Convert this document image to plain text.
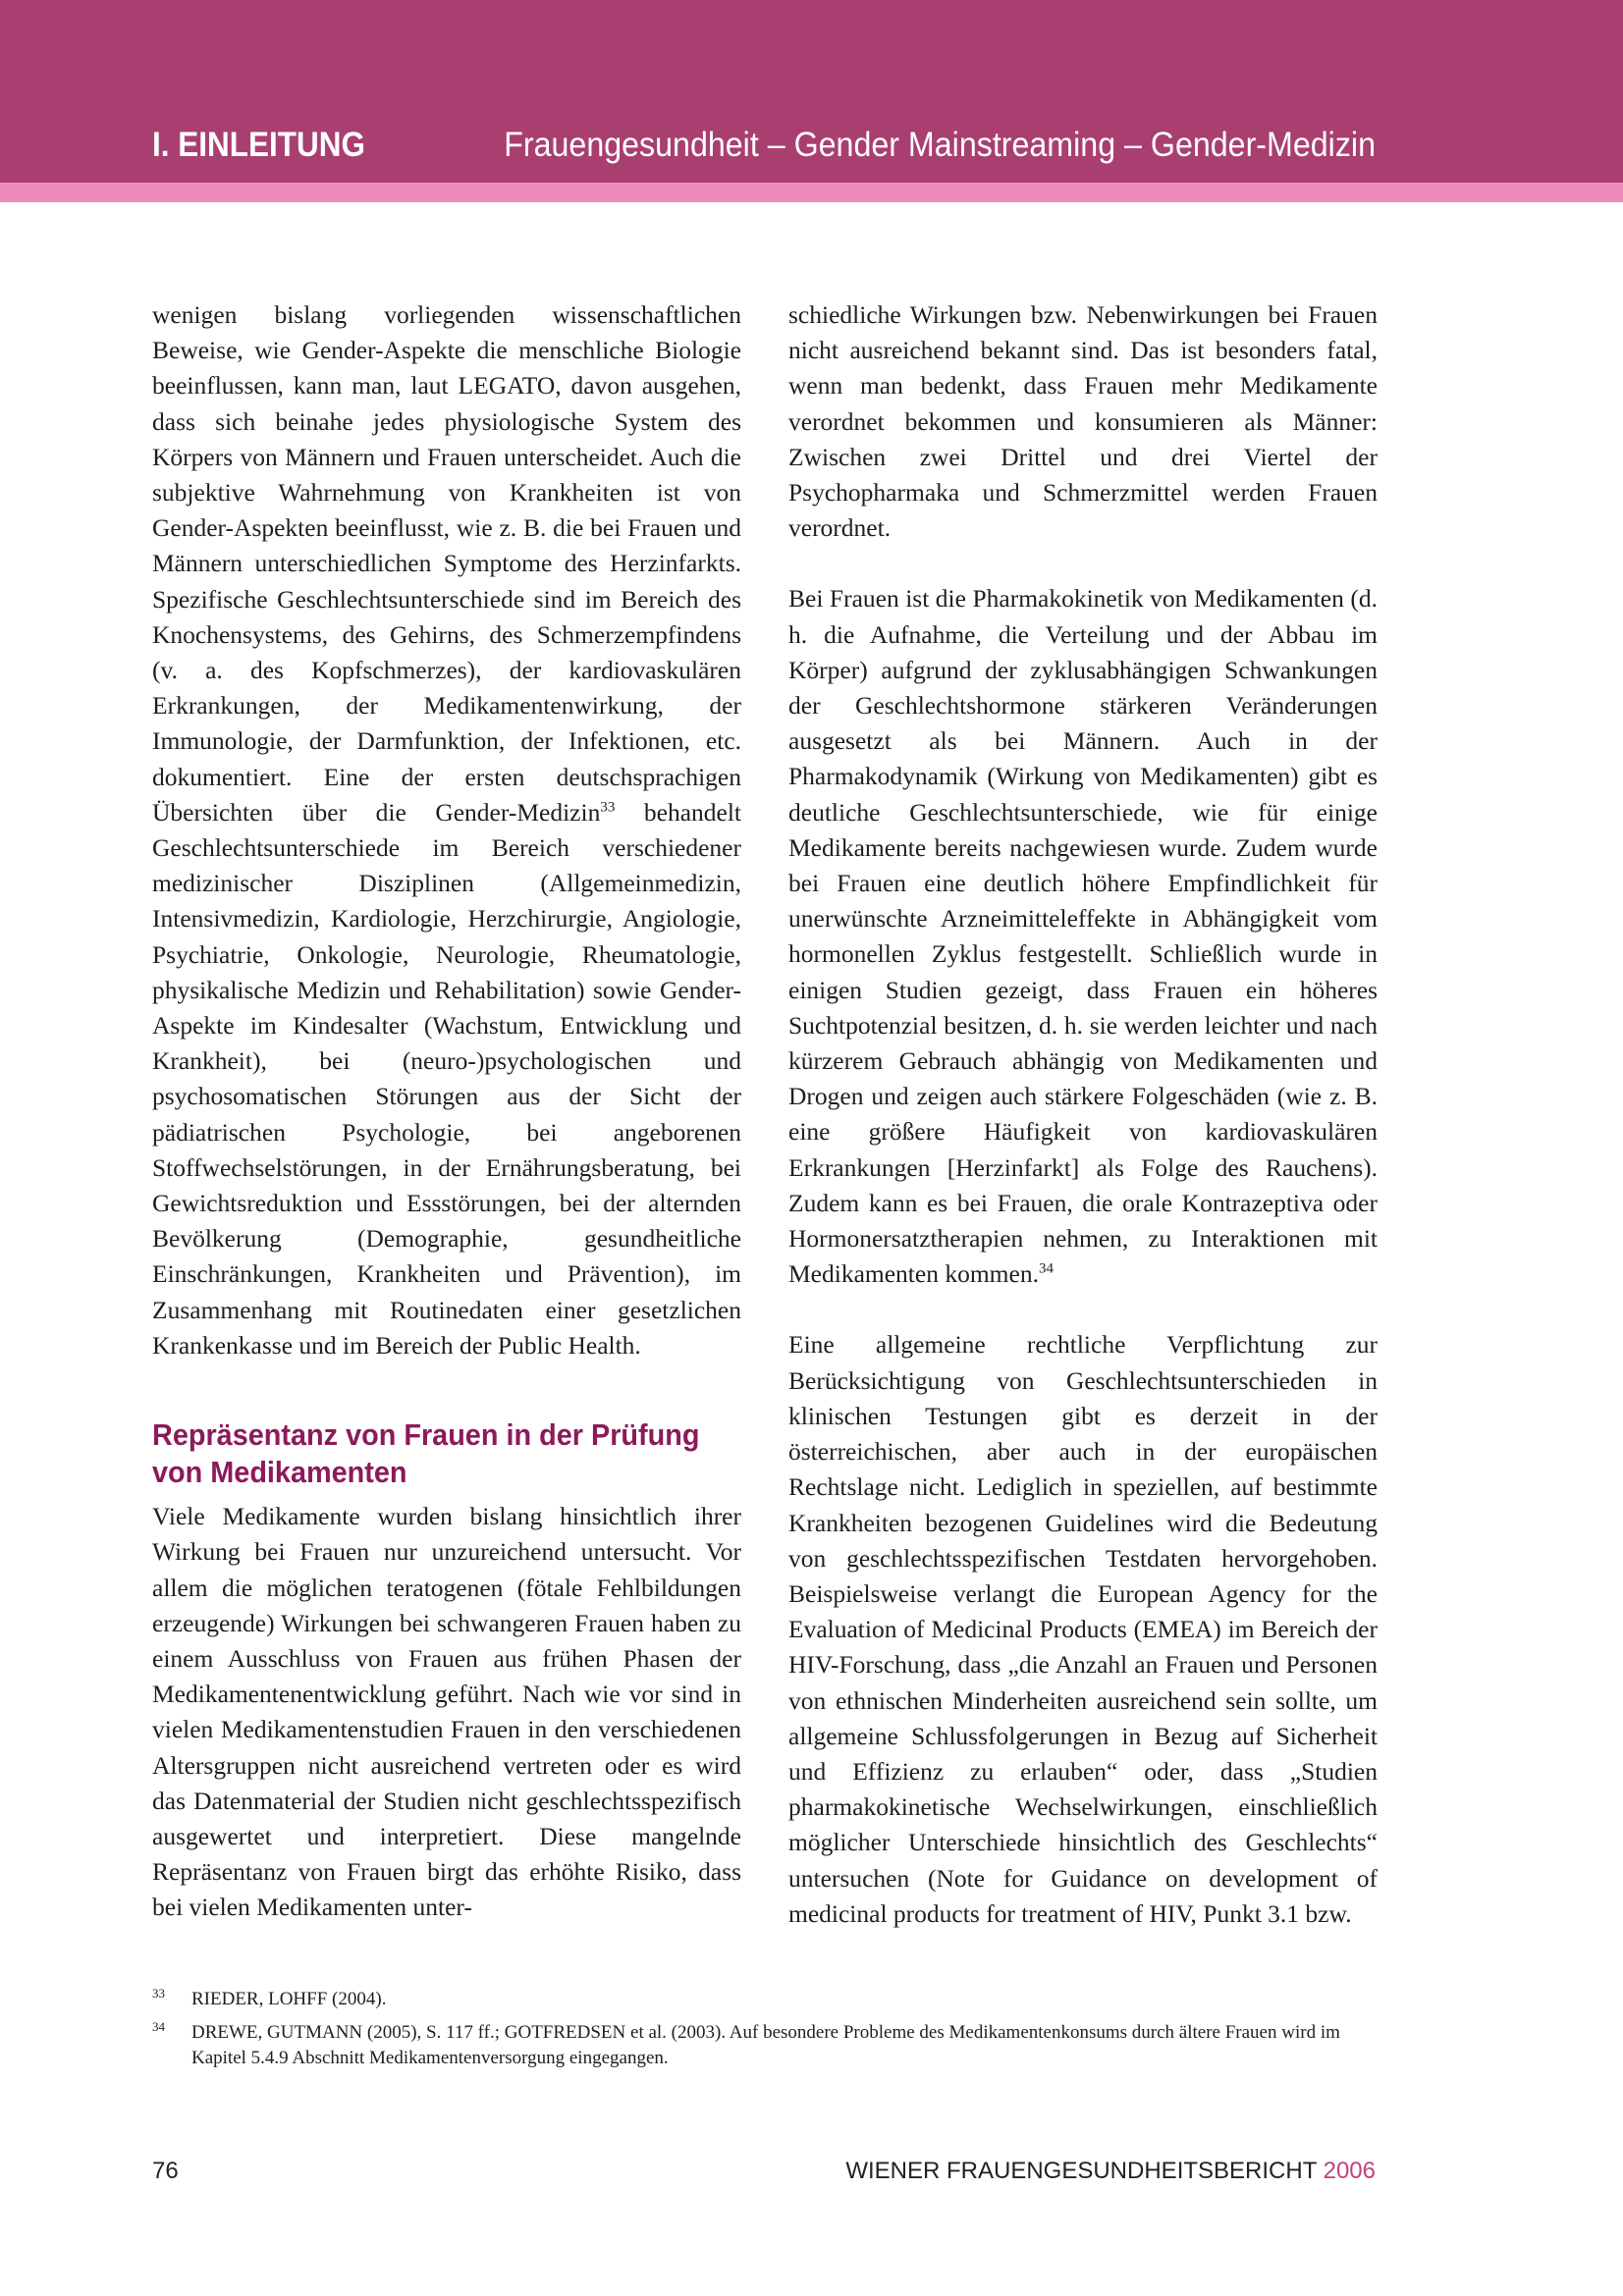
I. EINLEITUNG	Frauengesundheit – Gender Mainstreaming – Gender-Medizin

wenigen bislang vorliegenden wissenschaftlichen Beweise, wie Gender-Aspekte die menschliche Biologie beeinflussen, kann man, laut LEGATO, davon ausgehen, dass sich beinahe jedes physiologische System des Körpers von Männern und Frauen unterscheidet. Auch die subjektive Wahrnehmung von Krankheiten ist von Gender-Aspekten beeinflusst, wie z. B. die bei Frauen und Männern unterschiedlichen Symptome des Herzinfarkts. Spezifische Geschlechtsunterschiede sind im Bereich des Knochensystems, des Gehirns, des Schmerzempfindens (v. a. des Kopfschmerzes), der kardiovaskulären Erkrankungen, der Medikamentenwirkung, der Immunologie, der Darmfunktion, der Infektionen, etc. dokumentiert. Eine der ersten deutschsprachigen Übersichten über die Gender-Medizin$^{33}$ behandelt Geschlechtsunterschiede im Bereich verschiedener medizinischer Disziplinen (Allgemeinmedizin, Intensivmedizin, Kardiologie, Herzchirurgie, Angiologie, Psychiatrie, Onkologie, Neurologie, Rheumatologie, physikalische Medizin und Rehabilitation) sowie Gender-Aspekte im Kindesalter (Wachstum, Entwicklung und Krankheit), bei (neuro-)psychologischen und psychosomatischen Störungen aus der Sicht der pädiatrischen Psychologie, bei angeborenen Stoffwechselstörungen, in der Ernährungsberatung, bei Gewichtsreduktion und Essstörungen, bei der alternden Bevölkerung (Demographie, gesundheitliche Einschränkungen, Krankheiten und Prävention), im Zusammenhang mit Routinedaten einer gesetzlichen Krankenkasse und im Bereich der Public Health.

Repräsentanz von Frauen in der Prüfung von Medikamenten

Viele Medikamente wurden bislang hinsichtlich ihrer Wirkung bei Frauen nur unzureichend untersucht. Vor allem die möglichen teratogenen (fötale Fehlbildungen erzeugende) Wirkungen bei schwangeren Frauen haben zu einem Ausschluss von Frauen aus frühen Phasen der Medikamentenentwicklung geführt. Nach wie vor sind in vielen Medikamentenstudien Frauen in den verschiedenen Altersgruppen nicht ausreichend vertreten oder es wird das Datenmaterial der Studien nicht geschlechtsspezifisch ausgewertet und interpretiert. Diese mangelnde Repräsentanz von Frauen birgt das erhöhte Risiko, dass bei vielen Medikamenten unter-

schiedliche Wirkungen bzw. Nebenwirkungen bei Frauen nicht ausreichend bekannt sind. Das ist besonders fatal, wenn man bedenkt, dass Frauen mehr Medikamente verordnet bekommen und konsumieren als Männer: Zwischen zwei Drittel und drei Viertel der Psychopharmaka und Schmerzmittel werden Frauen verordnet.

Bei Frauen ist die Pharmakokinetik von Medikamenten (d. h. die Aufnahme, die Verteilung und der Abbau im Körper) aufgrund der zyklusabhängigen Schwankungen der Geschlechtshormone stärkeren Veränderungen ausgesetzt als bei Männern. Auch in der Pharmakodynamik (Wirkung von Medikamenten) gibt es deutliche Geschlechtsunterschiede, wie für einige Medikamente bereits nachgewiesen wurde. Zudem wurde bei Frauen eine deutlich höhere Empfindlichkeit für unerwünschte Arzneimitteleffekte in Abhängigkeit vom hormonellen Zyklus festgestellt. Schließlich wurde in einigen Studien gezeigt, dass Frauen ein höheres Suchtpotenzial besitzen, d. h. sie werden leichter und nach kürzerem Gebrauch abhängig von Medikamenten und Drogen und zeigen auch stärkere Folgeschäden (wie z. B. eine größere Häufigkeit von kardiovaskulären Erkrankungen [Herzinfarkt] als Folge des Rauchens). Zudem kann es bei Frauen, die orale Kontrazeptiva oder Hormonersatztherapien nehmen, zu Interaktionen mit Medikamenten kommen.$^{34}$

Eine allgemeine rechtliche Verpflichtung zur Berücksichtigung von Geschlechtsunterschieden in klinischen Testungen gibt es derzeit in der österreichischen, aber auch in der europäischen Rechtslage nicht. Lediglich in speziellen, auf bestimmte Krankheiten bezogenen Guidelines wird die Bedeutung von geschlechtsspezifischen Testdaten hervorgehoben. Beispielsweise verlangt die European Agency for the Evaluation of Medicinal Products (EMEA) im Bereich der HIV-Forschung, dass „die Anzahl an Frauen und Personen von ethnischen Minderheiten ausreichend sein sollte, um allgemeine Schlussfolgerungen in Bezug auf Sicherheit und Effizienz zu erlauben“ oder, dass „Studien pharmakokinetische Wechselwirkungen, einschließlich möglicher Unterschiede hinsichtlich des Geschlechts“ untersuchen (Note for Guidance on development of medicinal products for treatment of HIV, Punkt 3.1 bzw.

33 RIEDER, LOHFF (2004).
34 DREWE, GUTMANN (2005), S. 117 ff.; GOTFREDSEN et al. (2003). Auf besondere Probleme des Medikamentenkonsums durch ältere Frauen wird im Kapitel 5.4.9 Abschnitt Medikamentenversorgung eingegangen.
76	WIENER FRAUENGESUNDHEITSBERICHT 2006
